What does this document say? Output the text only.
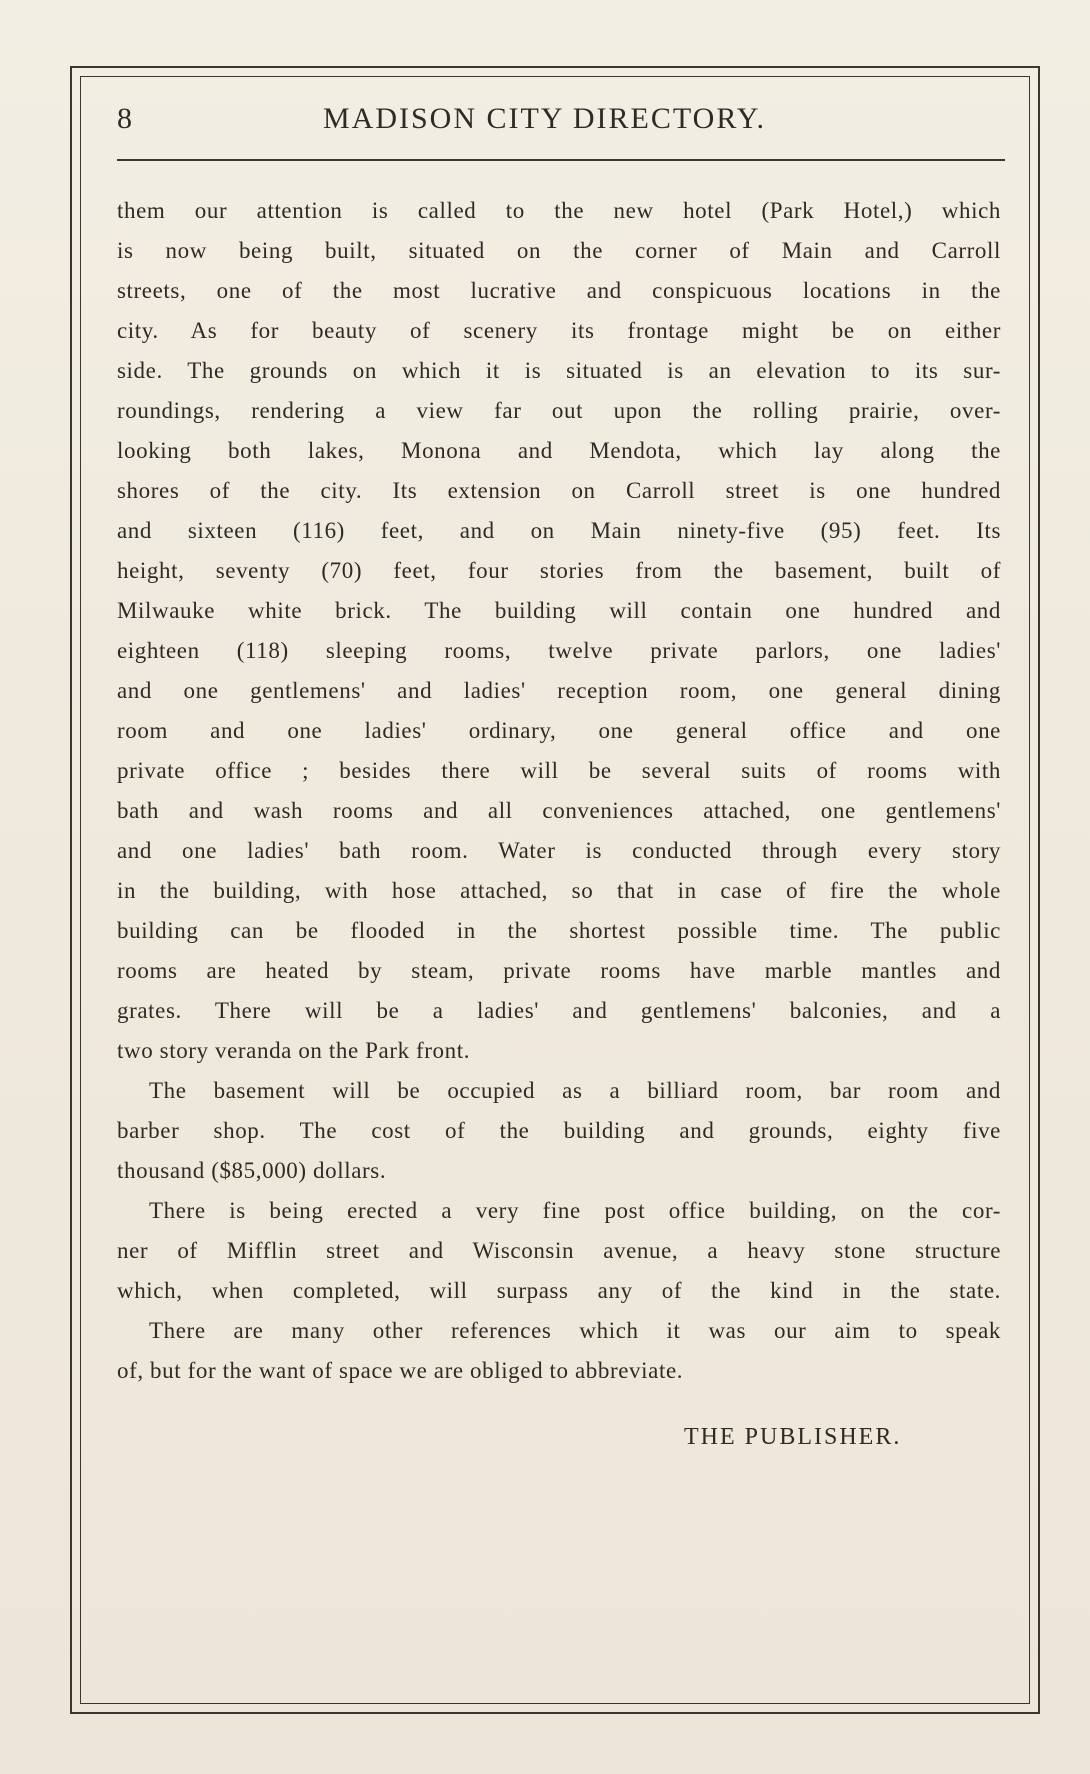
8	MADISON CITY DIRECTORY.
them our attention is called to the new hotel (Park Hotel,) which
is now being built, situated on the corner of Main and Carroll
streets, one of the most lucrative and conspicuous locations in the
city. As for beauty of scenery its frontage might be on either
side. The grounds on which it is situated is an elevation to its sur-
roundings, rendering a view far out upon the rolling prairie, over-
looking both lakes, Monona and Mendota, which lay along the
shores of the city. Its extension on Carroll street is one hundred
and sixteen (116) feet, and on Main ninety-five (95) feet. Its
height, seventy (70) feet, four stories from the basement, built of
Milwauke white brick. The building will contain one hundred and
eighteen (118) sleeping rooms, twelve private parlors, one ladies'
and one gentlemens' and ladies' reception room, one general dining
room and one ladies' ordinary, one general office and one
private office ; besides there will be several suits of rooms with
bath and wash rooms and all conveniences attached, one gentlemens'
and one ladies' bath room. Water is conducted through every story
in the building, with hose attached, so that in case of fire the whole
building can be flooded in the shortest possible time. The public
rooms are heated by steam, private rooms have marble mantles and
grates. There will be a ladies' and gentlemens' balconies, and a
two story veranda on the Park front.
The basement will be occupied as a billiard room, bar room and
barber shop. The cost of the building and grounds, eighty five
thousand ($85,000) dollars.
There is being erected a very fine post office building, on the cor-
ner of Mifflin street and Wisconsin avenue, a heavy stone structure
which, when completed, will surpass any of the kind in the state.
There are many other references which it was our aim to speak
of, but for the want of space we are obliged to abbreviate.
THE PUBLISHER.
